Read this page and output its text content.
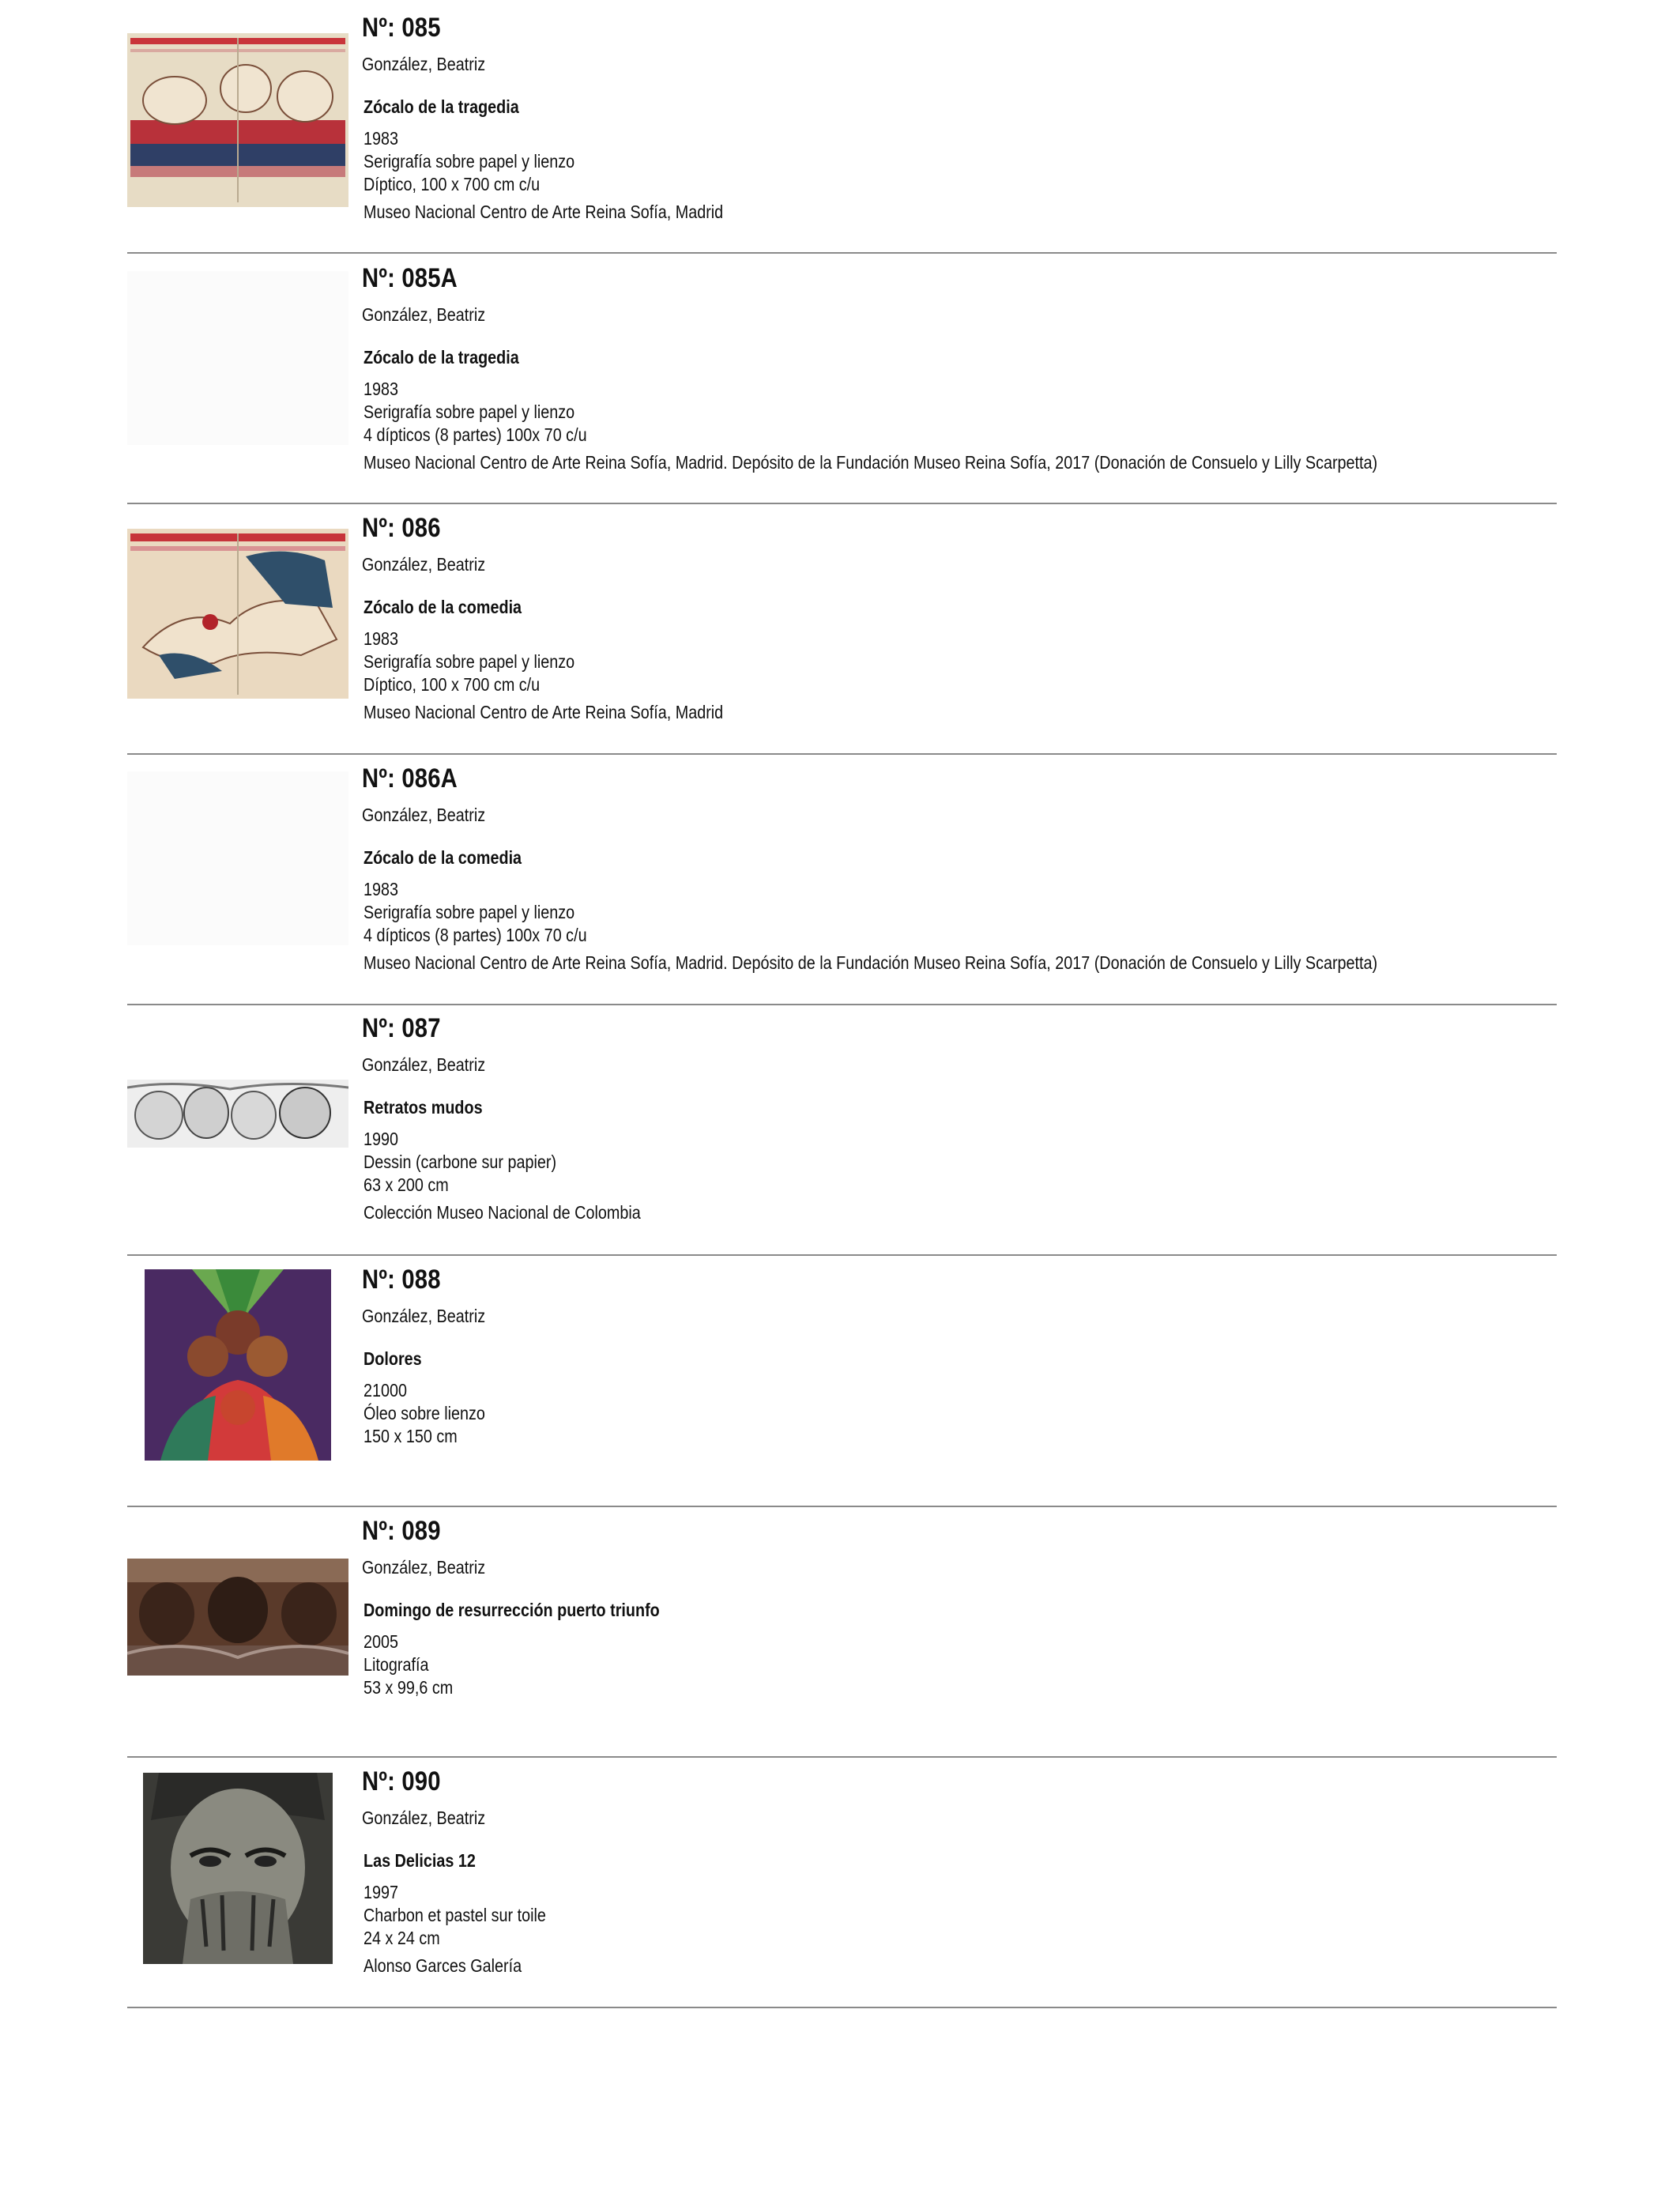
Nº: 085
González, Beatriz
Zócalo de la tragedia
1983
Serigrafía sobre papel y lienzo
Díptico, 100 x 700 cm c/u
Museo Nacional Centro de Arte Reina Sofía, Madrid
Nº: 085A
González, Beatriz
Zócalo de la tragedia
1983
Serigrafía sobre papel y lienzo
4 dípticos (8 partes) 100x 70 c/u
Museo Nacional Centro de Arte Reina Sofía, Madrid. Depósito de la Fundación Museo Reina Sofía, 2017 (Donación de Consuelo y Lilly Scarpetta)
Nº: 086
González, Beatriz
Zócalo de la comedia
1983
Serigrafía sobre papel y lienzo
Díptico, 100 x 700 cm c/u
Museo Nacional Centro de Arte Reina Sofía, Madrid
Nº: 086A
González, Beatriz
Zócalo de la comedia
1983
Serigrafía sobre papel y lienzo
4 dípticos (8 partes) 100x 70 c/u
Museo Nacional Centro de Arte Reina Sofía, Madrid. Depósito de la Fundación Museo Reina Sofía, 2017 (Donación de Consuelo y Lilly Scarpetta)
Nº: 087
González, Beatriz
Retratos mudos
1990
Dessin (carbone sur papier)
63 x 200 cm
Colección Museo Nacional de Colombia
Nº: 088
González, Beatriz
Dolores
21000
Óleo sobre lienzo
150 x 150 cm
Nº: 089
González, Beatriz
Domingo de resurrección puerto triunfo
2005
Litografía
53 x 99,6 cm
Nº: 090
González, Beatriz
Las Delicias 12
1997
Charbon et pastel sur toile
24 x 24 cm
Alonso Garces Galería
